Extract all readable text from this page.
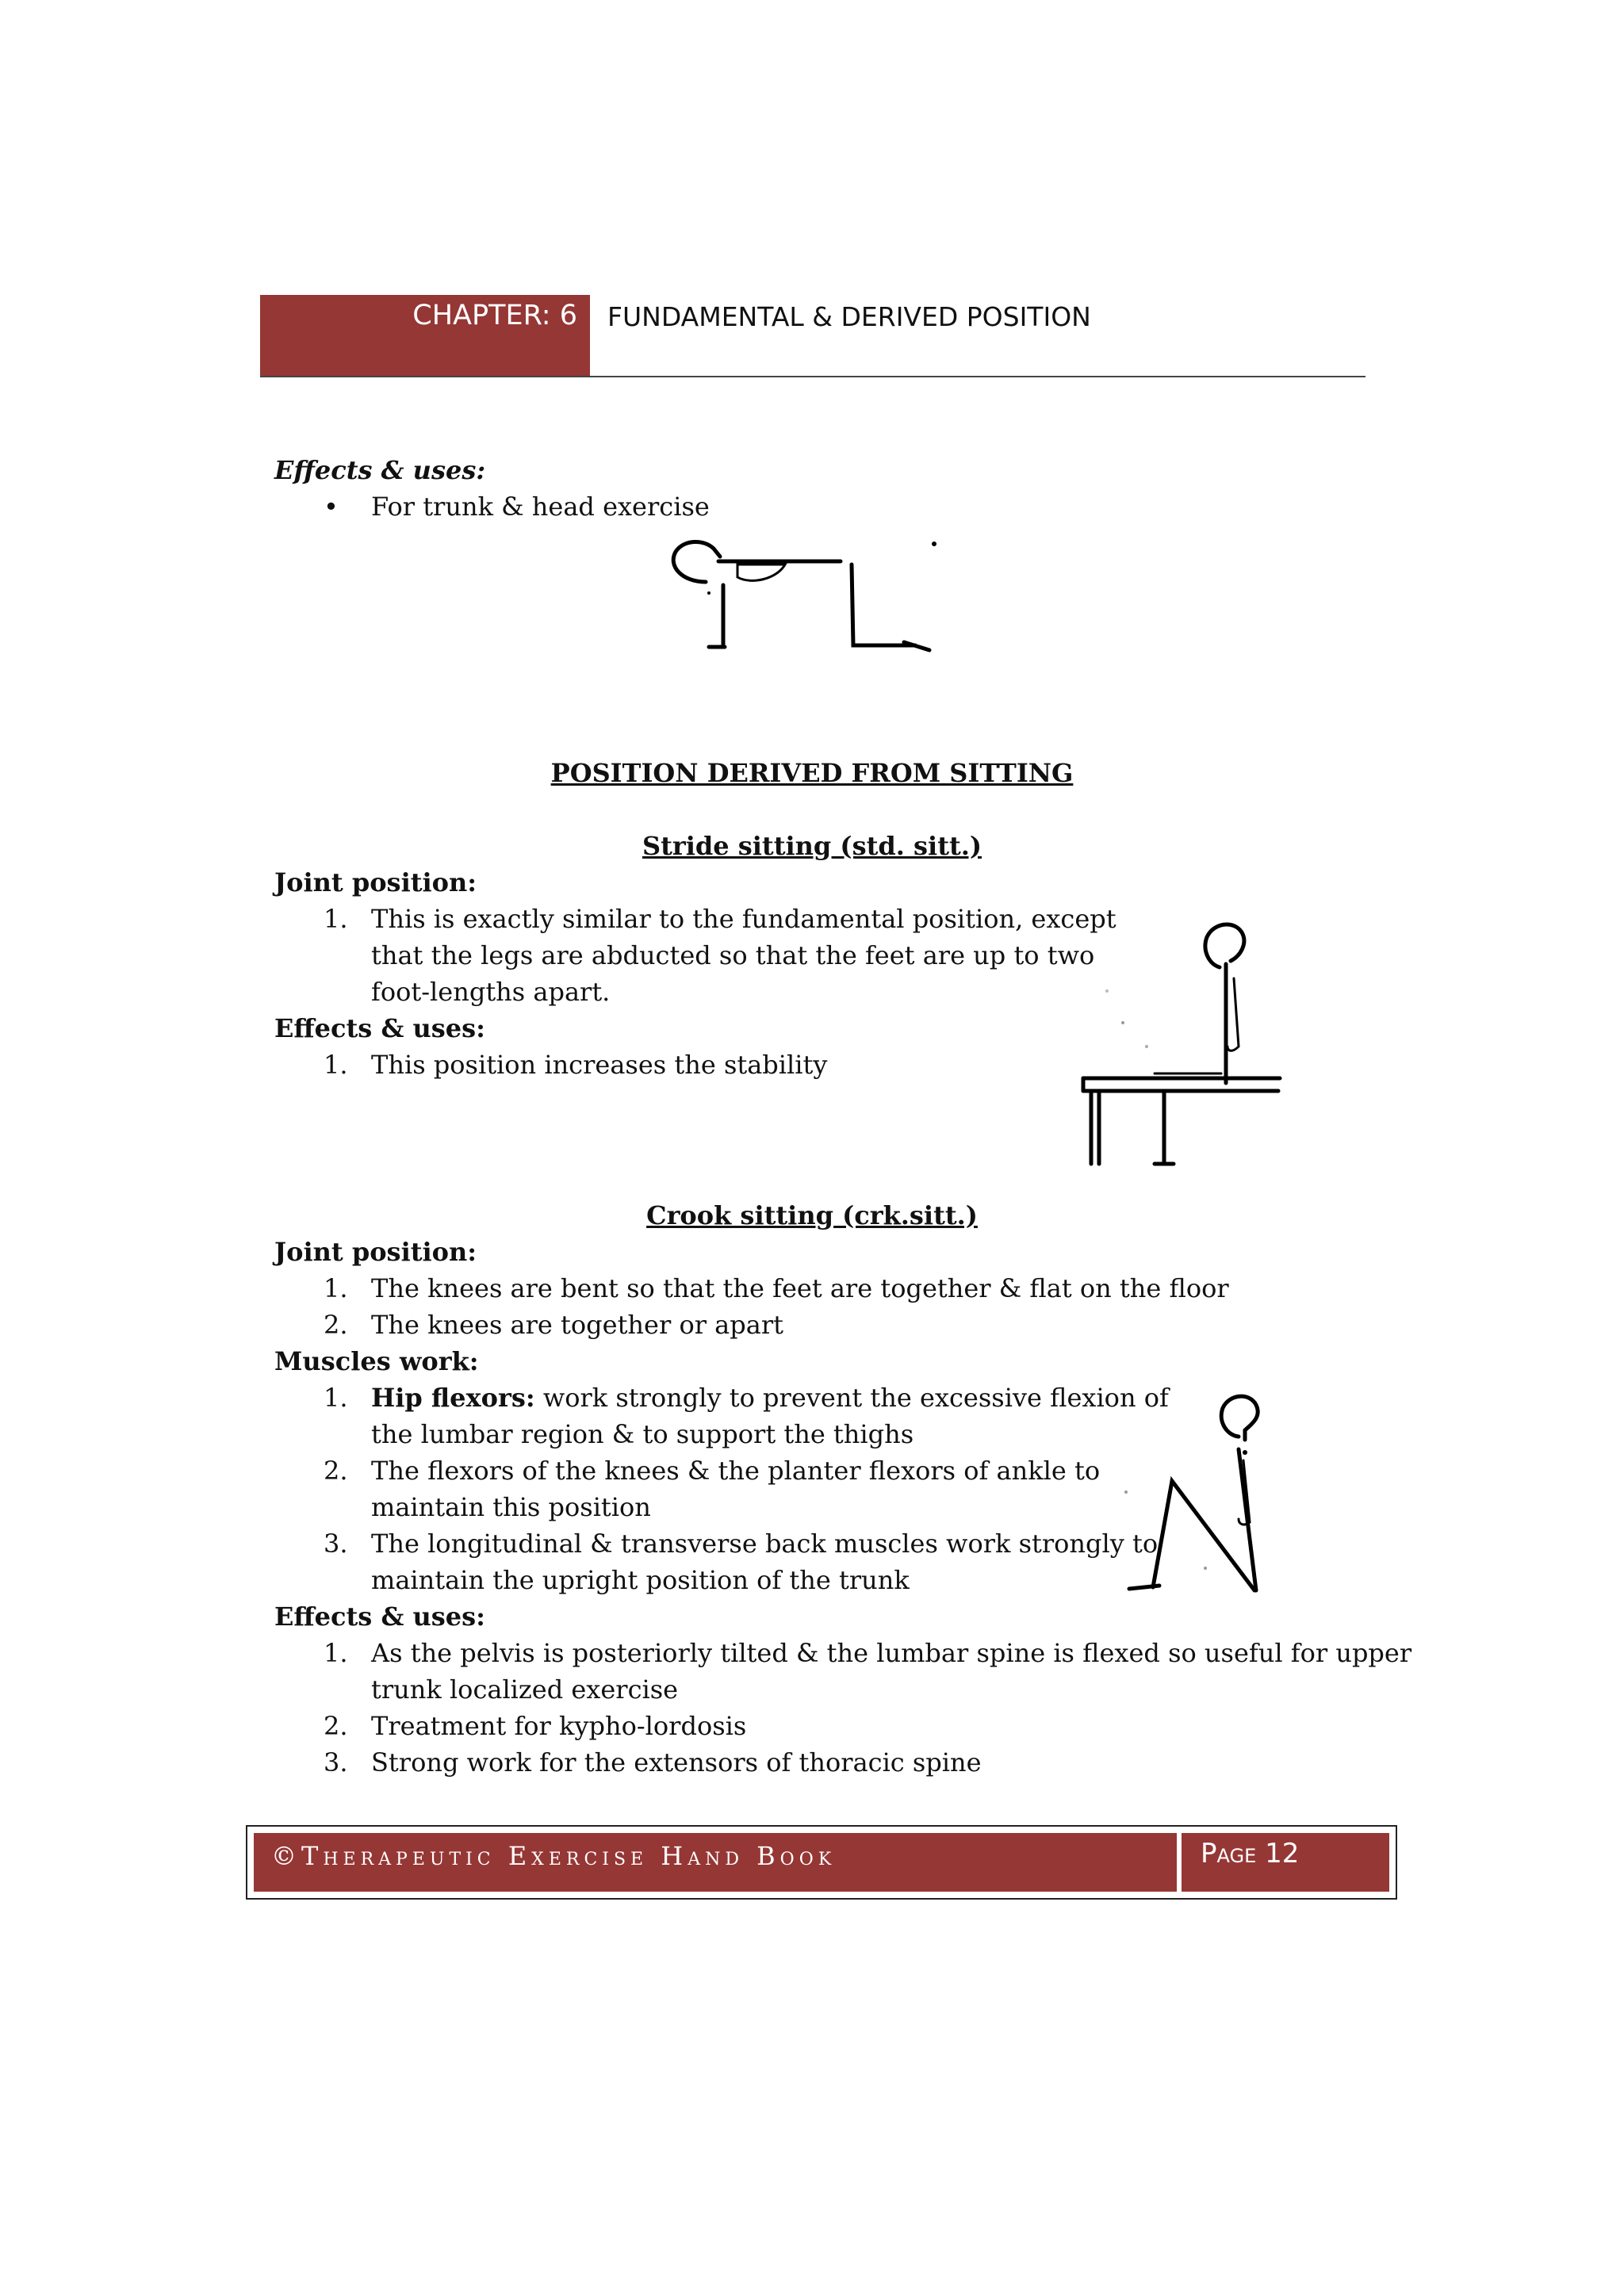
CHAPTER: 6 FUNDAMENTAL & DERIVED POSITION
Effects & uses:
• For trunk & head exercise
POSITION DERIVED FROM SITTING
Stride sitting (std. sitt.)
Joint position:
1. This is exactly similar to the fundamental position, except
that the legs are abducted so that the feet are up to two
foot-lengths apart.
Effects & uses:
1. This position increases the stability
Crook sitting (crk.sitt.)
Joint position:
1. The knees are bent so that the feet are together & flat on the floor
2. The knees are together or apart
Muscles work:
1. Hip flexors: work strongly to prevent the excessive flexion of
the lumbar region & to support the thighs
2. The flexors of the knees & the planter flexors of ankle to
maintain this position
3. The longitudinal & transverse back muscles work strongly to
maintain the upright position of the trunk
Effects & uses:
1. As the pelvis is posteriorly tilted & the lumbar spine is flexed so useful for upper
trunk localized exercise
2. Treatment for kypho-lordosis
3. Strong work for the extensors of thoracic spine
©Therapeutic Exercise Hand Book	Page 12
